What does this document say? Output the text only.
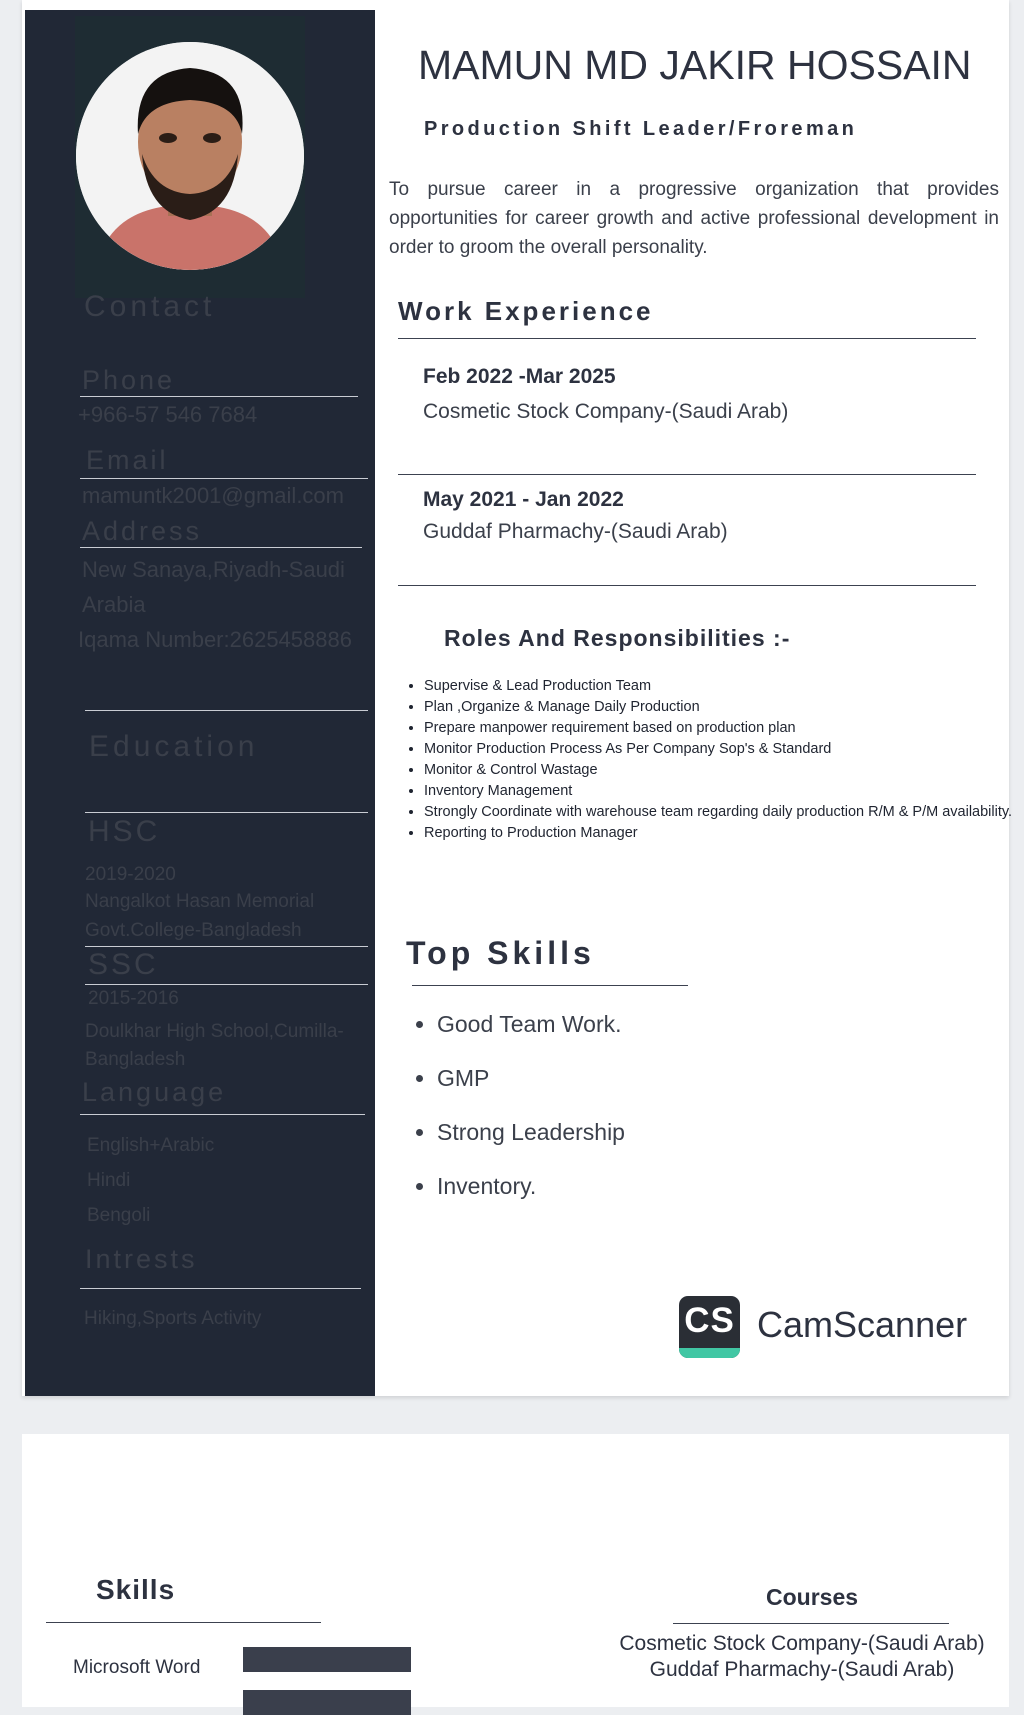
Contact
Phone
+966-57 546 7684
Email
mamuntk2001@gmail.com
Address
New Sanaya,Riyadh-Saudi
Arabia
Iqama Number:2625458886
Education
HSC
2019-2020
Nangalkot Hasan Memorial
Govt.College-Bangladesh
SSC
2015-2016
Doulkhar High School,Cumilla-
Bangladesh
Language
English+Arabic
Hindi
Bengoli
Intrests
Hiking,Sports Activity
MAMUN MD JAKIR HOSSAIN
Production Shift Leader/Froreman
To pursue career in a progressive organization that provides opportunities for career growth and active professional development in order to groom the overall personality.
Work Experience
Feb 2022 -Mar 2025
Cosmetic Stock Company-(Saudi Arab)
May 2021 - Jan 2022
Guddaf Pharmachy-(Saudi Arab)
Roles And Responsibilities :-
• Supervise & Lead Production Team
• Plan ,Organize & Manage Daily Production
• Prepare manpower requirement based on production plan
• Monitor Production Process As Per Company Sop's & Standard
• Monitor & Control Wastage
• Inventory Management
• Strongly Coordinate with warehouse team regarding daily production R/M & P/M availability.
• Reporting to Production Manager
Top Skills
• Good Team Work.
• GMP
• Strong Leadership
• Inventory.
CS CamScanner
Skills
Microsoft Word
Courses
Cosmetic Stock Company-(Saudi Arab)
Guddaf Pharmachy-(Saudi Arab)
